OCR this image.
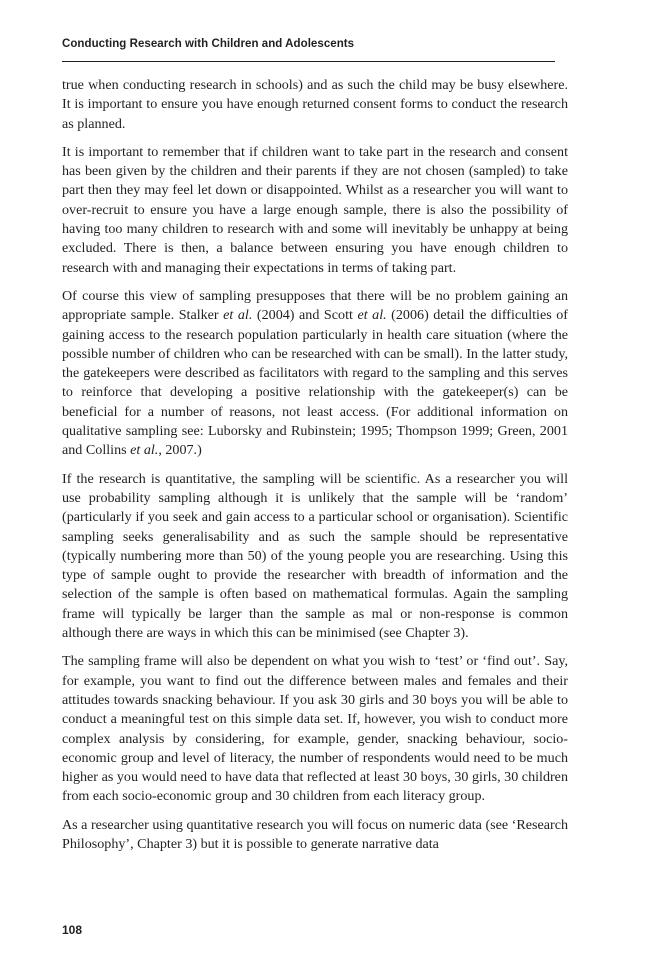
Conducting Research with Children and Adolescents

true when conducting research in schools) and as such the child may be busy elsewhere. It is important to ensure you have enough returned consent forms to conduct the research as planned.

It is important to remember that if children want to take part in the research and consent has been given by the children and their parents if they are not chosen (sampled) to take part then they may feel let down or disappointed. Whilst as a researcher you will want to over-recruit to ensure you have a large enough sample, there is also the possibility of having too many children to research with and some will inevitably be unhappy at being excluded. There is then, a balance between ensuring you have enough children to research with and managing their expectations in terms of taking part.

Of course this view of sampling presupposes that there will be no problem gaining an appropriate sample. Stalker et al. (2004) and Scott et al. (2006) detail the difficulties of gaining access to the research population particularly in health care situation (where the possible number of children who can be researched with can be small). In the latter study, the gatekeepers were described as facilitators with regard to the sampling and this serves to reinforce that developing a positive relationship with the gatekeeper(s) can be beneficial for a number of reasons, not least access. (For additional information on qualitative sampling see: Luborsky and Rubinstein; 1995; Thompson 1999; Green, 2001 and Collins et al., 2007.)

If the research is quantitative, the sampling will be scientific. As a researcher you will use probability sampling although it is unlikely that the sample will be ‘random’ (particularly if you seek and gain access to a particular school or organisation). Scientific sampling seeks generalisability and as such the sample should be representative (typically numbering more than 50) of the young people you are researching. Using this type of sample ought to provide the researcher with breadth of information and the selection of the sample is often based on mathematical formulas. Again the sampling frame will typically be larger than the sample as mal or non-response is common although there are ways in which this can be minimised (see Chapter 3).

The sampling frame will also be dependent on what you wish to ‘test’ or ‘find out’. Say, for example, you want to find out the difference between males and females and their attitudes towards snacking behaviour. If you ask 30 girls and 30 boys you will be able to conduct a meaningful test on this simple data set. If, however, you wish to conduct more complex analysis by considering, for example, gender, snacking behaviour, socio-economic group and level of literacy, the number of respondents would need to be much higher as you would need to have data that reflected at least 30 boys, 30 girls, 30 children from each socio-economic group and 30 children from each literacy group.

As a researcher using quantitative research you will focus on numeric data (see ‘Research Philosophy’, Chapter 3) but it is possible to generate narrative data

108
